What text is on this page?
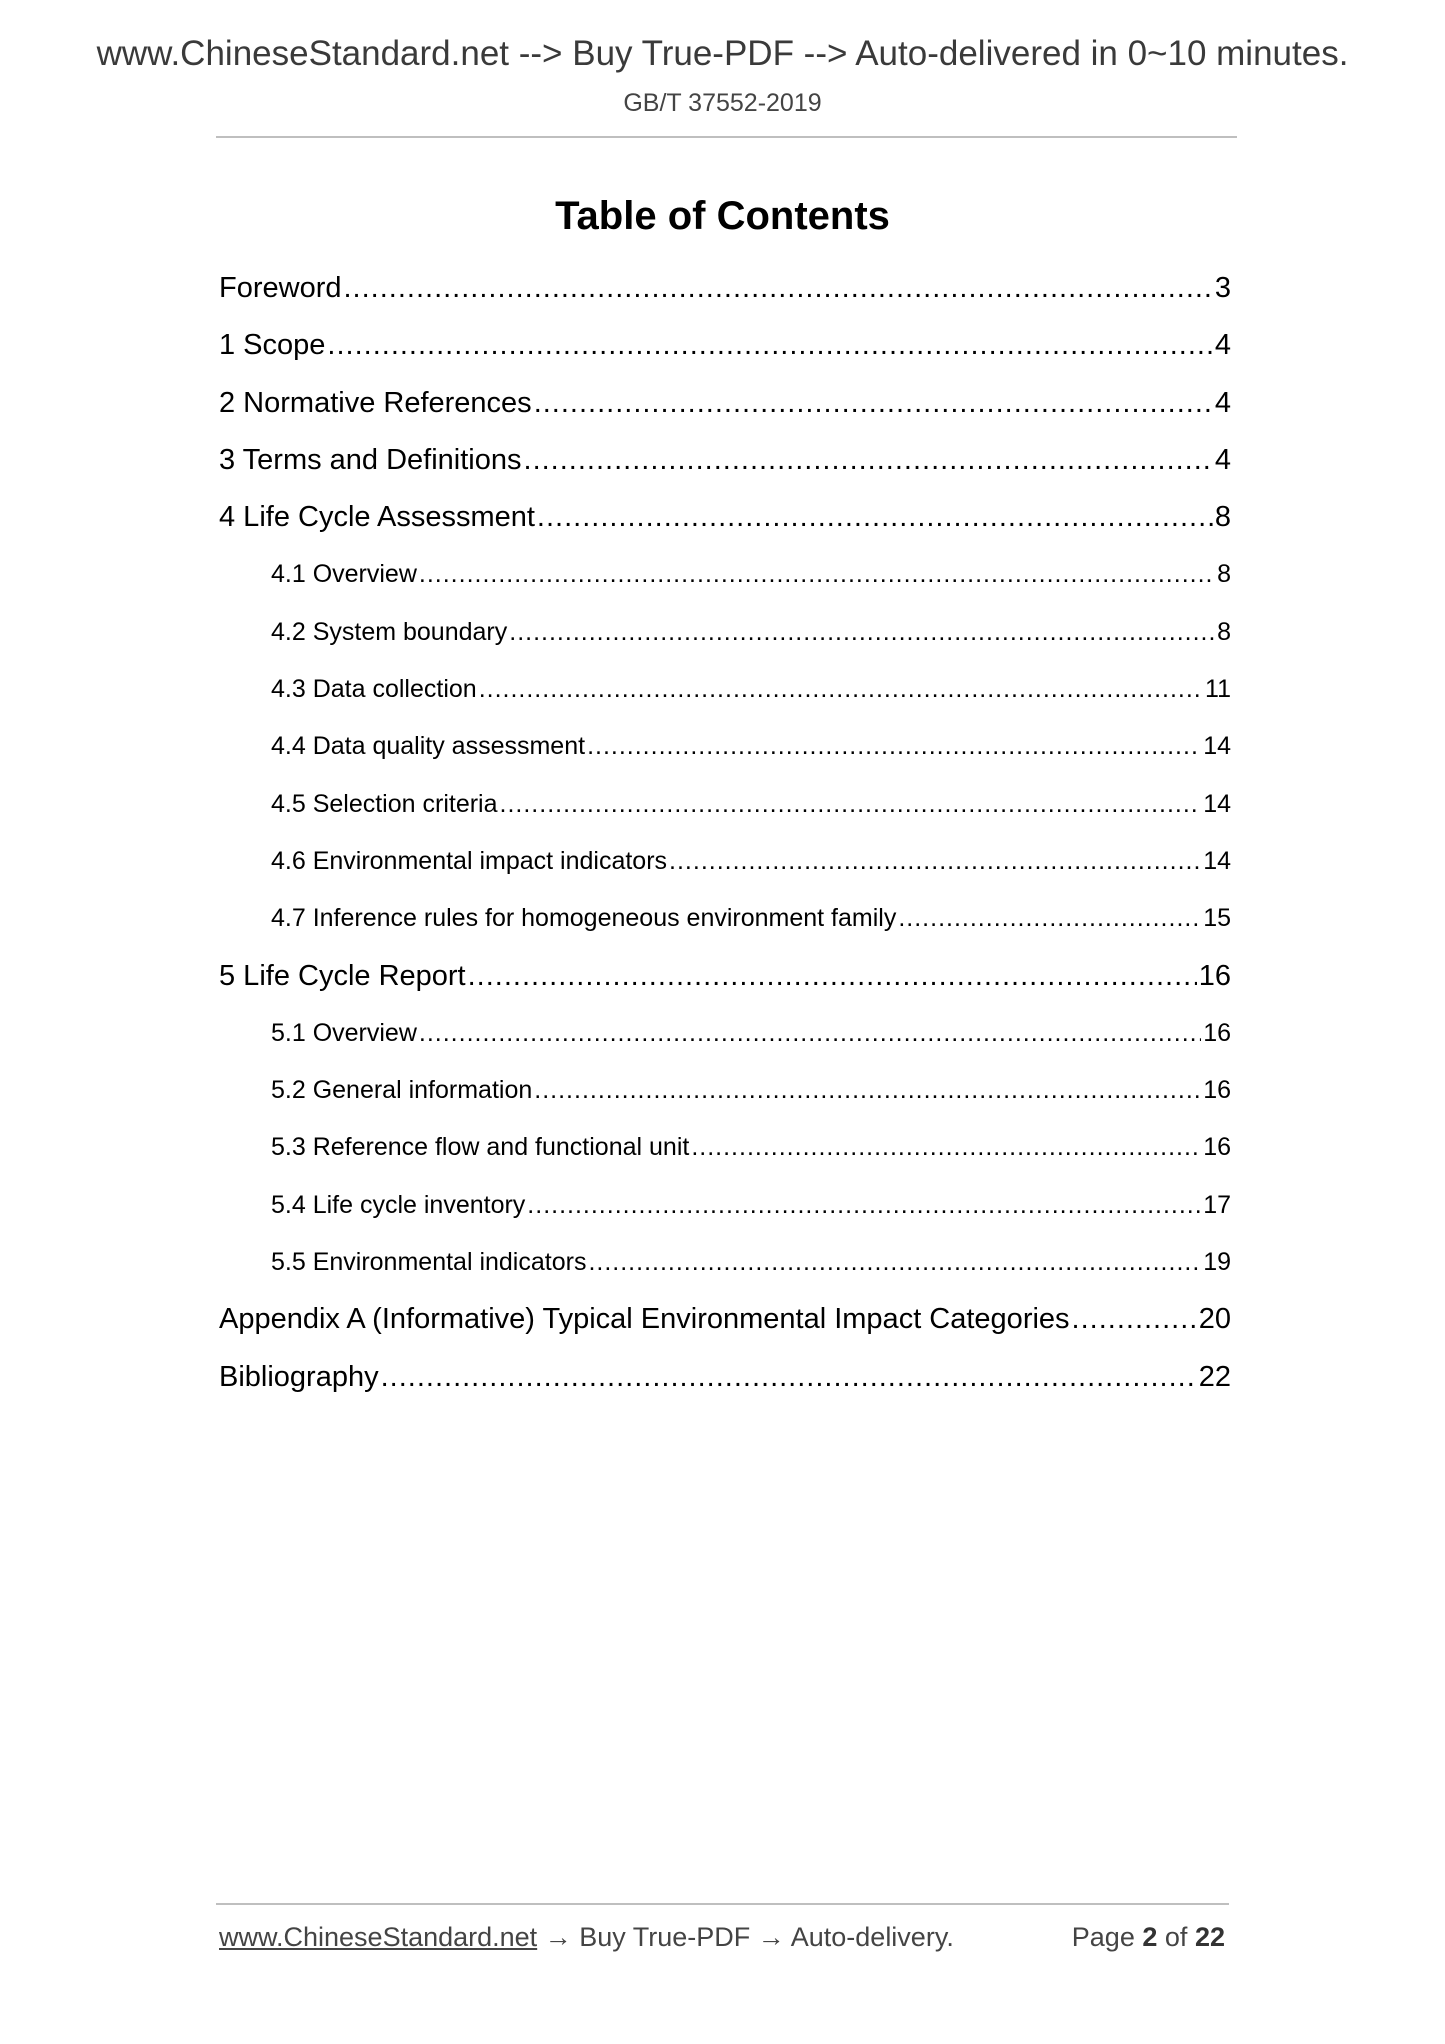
www.ChineseStandard.net --> Buy True-PDF --> Auto-delivered in 0~10 minutes.
GB/T 37552-2019
Table of Contents
Foreword .....	3
1 Scope .....	4
2 Normative References .....	4
3 Terms and Definitions .....	4
4 Life Cycle Assessment .....	8
4.1 Overview .....	8
4.2 System boundary .....	8
4.3 Data collection .....	11
4.4 Data quality assessment .....	14
4.5 Selection criteria .....	14
4.6 Environmental impact indicators .....	14
4.7 Inference rules for homogeneous environment family .....	15
5 Life Cycle Report .....	16
5.1 Overview .....	16
5.2 General information .....	16
5.3 Reference flow and functional unit .....	16
5.4 Life cycle inventory .....	17
5.5 Environmental indicators .....	19
Appendix A (Informative) Typical Environmental Impact Categories .....	20
Bibliography .....	22
www.ChineseStandard.net → Buy True-PDF → Auto-delivery.	Page 2 of 22
